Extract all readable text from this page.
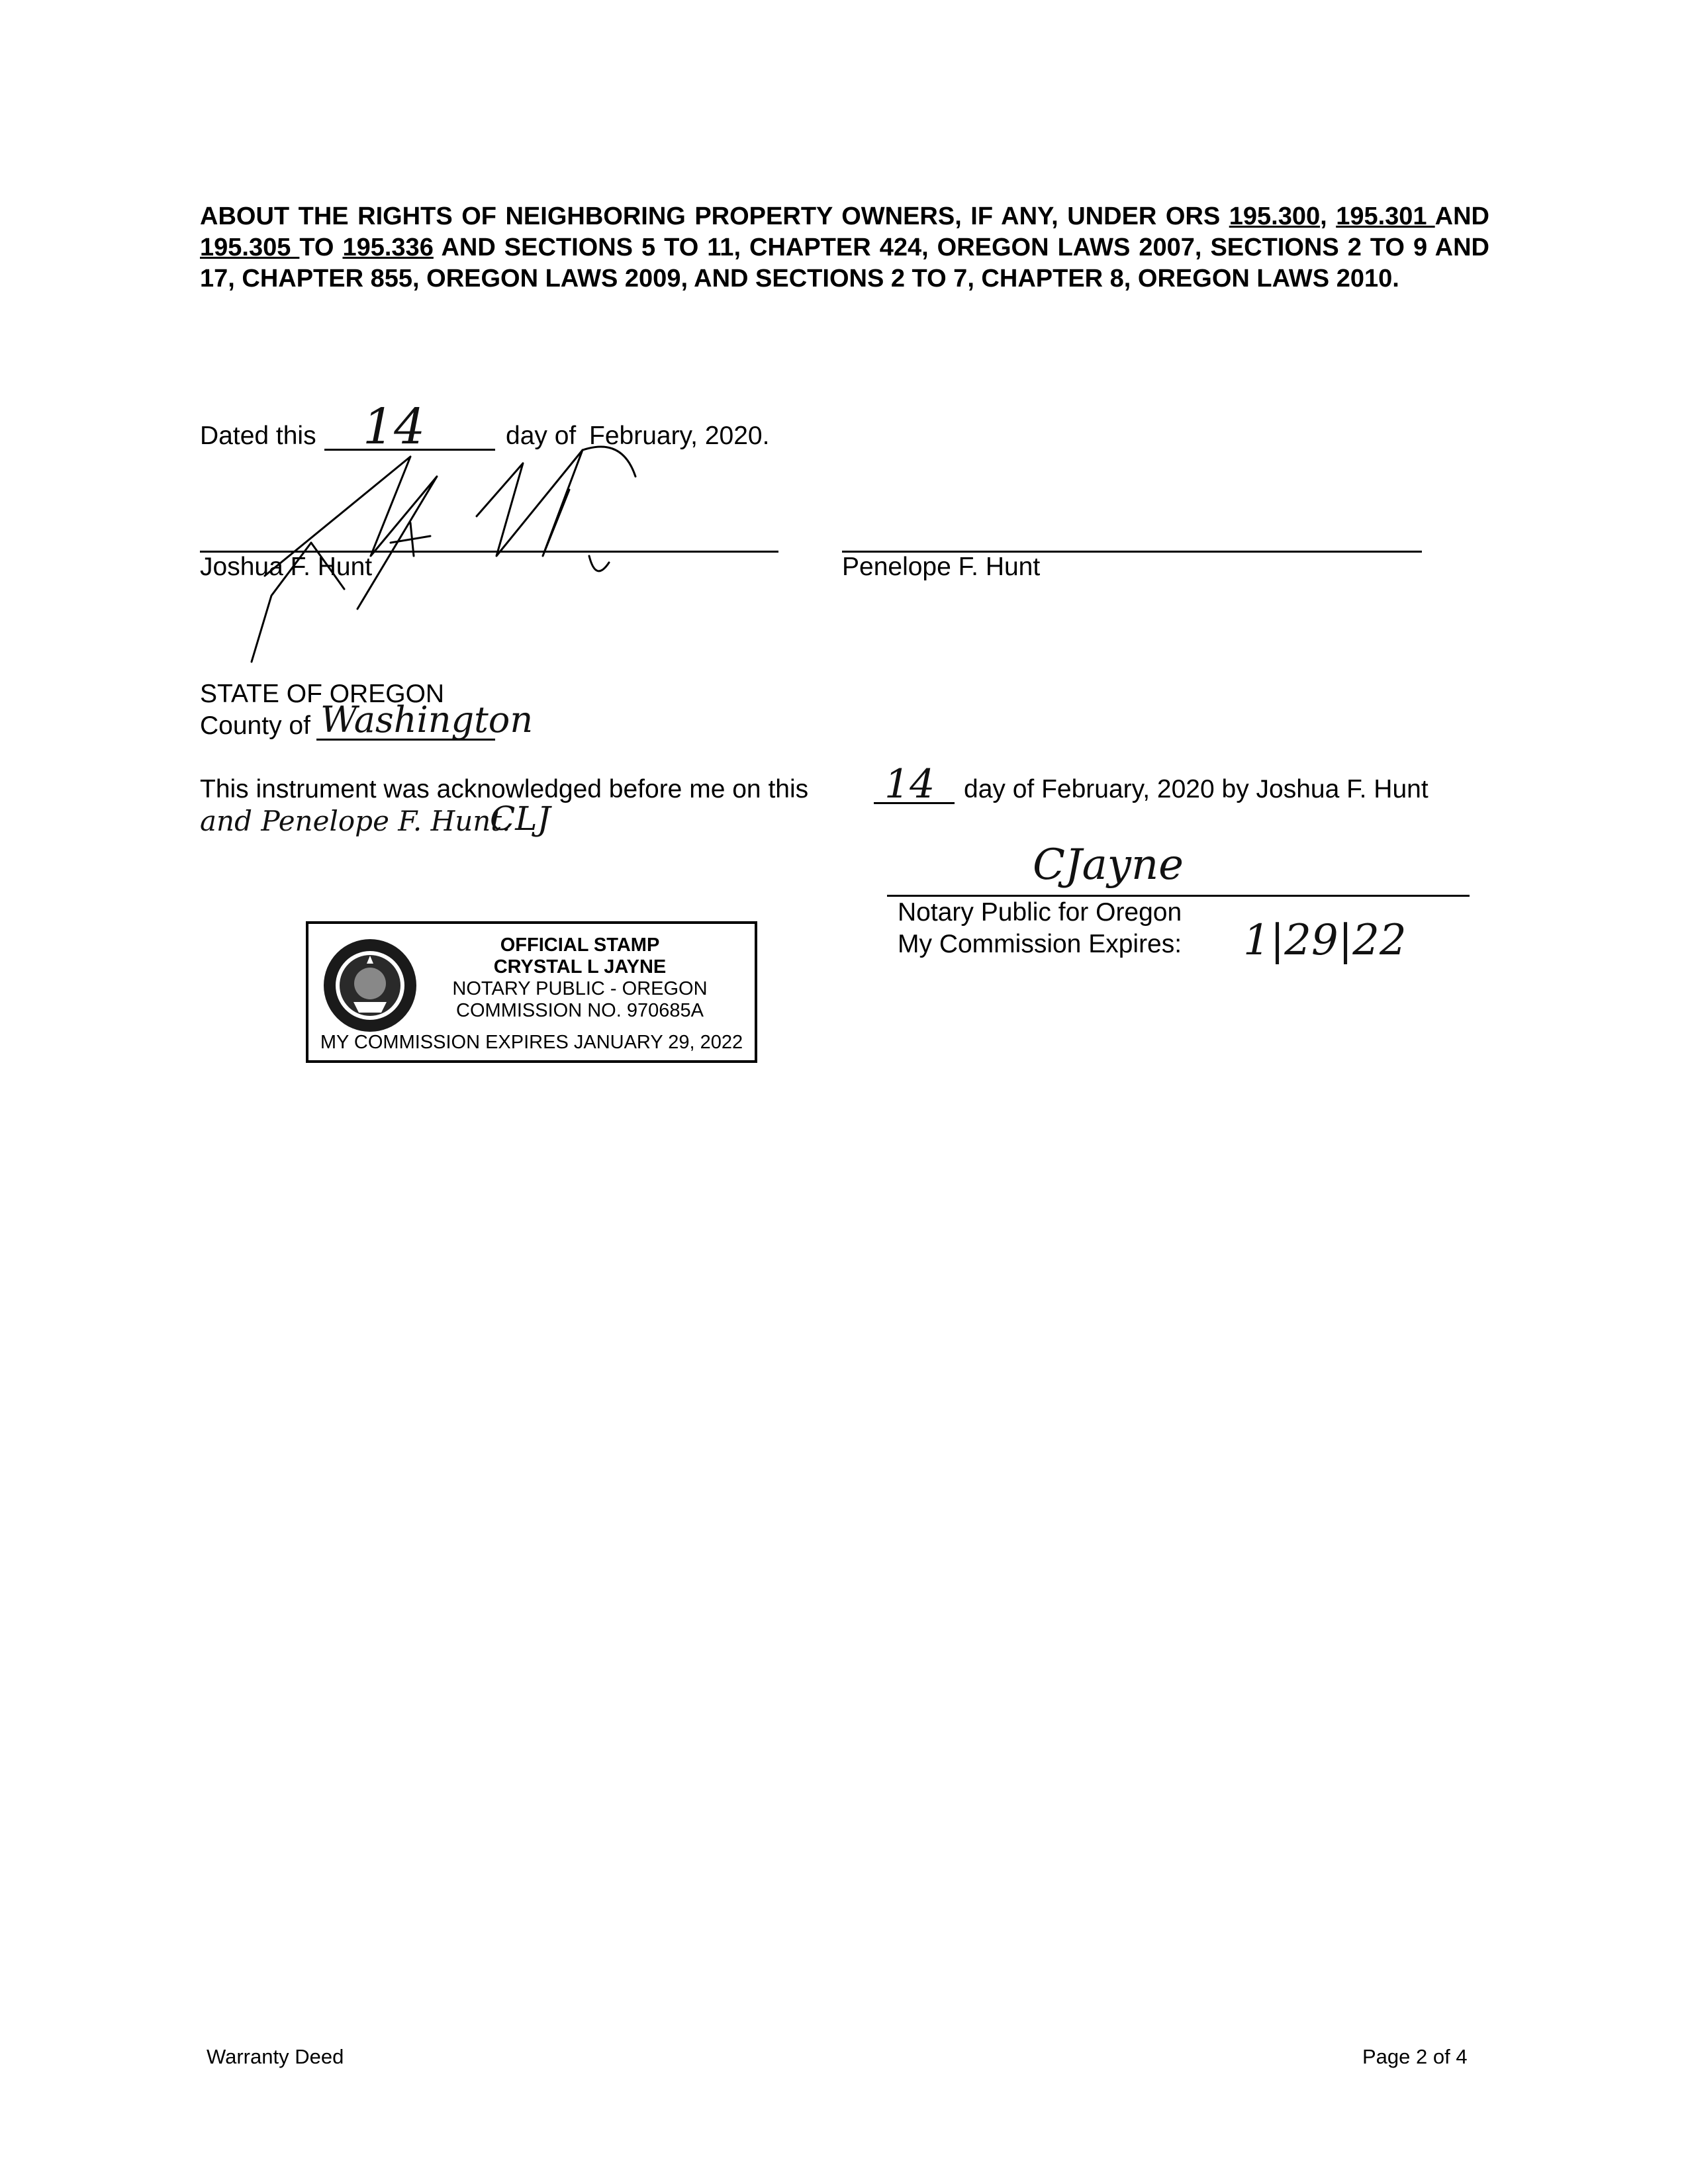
ABOUT THE RIGHTS OF NEIGHBORING PROPERTY OWNERS, IF ANY, UNDER ORS 195.300, 195.301 AND 195.305 TO 195.336 AND SECTIONS 5 TO 11, CHAPTER 424, OREGON LAWS 2007, SECTIONS 2 TO 9 AND 17, CHAPTER 855, OREGON LAWS 2009, AND SECTIONS 2 TO 7, CHAPTER 8, OREGON LAWS 2010.
Dated this 14	day of February, 2020.
Joshua F. Hunt	Penelope F. Hunt
STATE OF OREGON
County of Washington
This instrument was acknowledged before me on this 14 day of February, 2020 by Joshua F. Hunt
and Penelope F. Hunt.
CLJ
CJayne
Notary Public for Oregon
My Commission Expires: 1|29|22
OFFICIAL STAMP
CRYSTAL L JAYNE
NOTARY PUBLIC - OREGON
COMMISSION NO. 970685A
MY COMMISSION EXPIRES JANUARY 29, 2022
Warranty Deed	Page 2 of 4
